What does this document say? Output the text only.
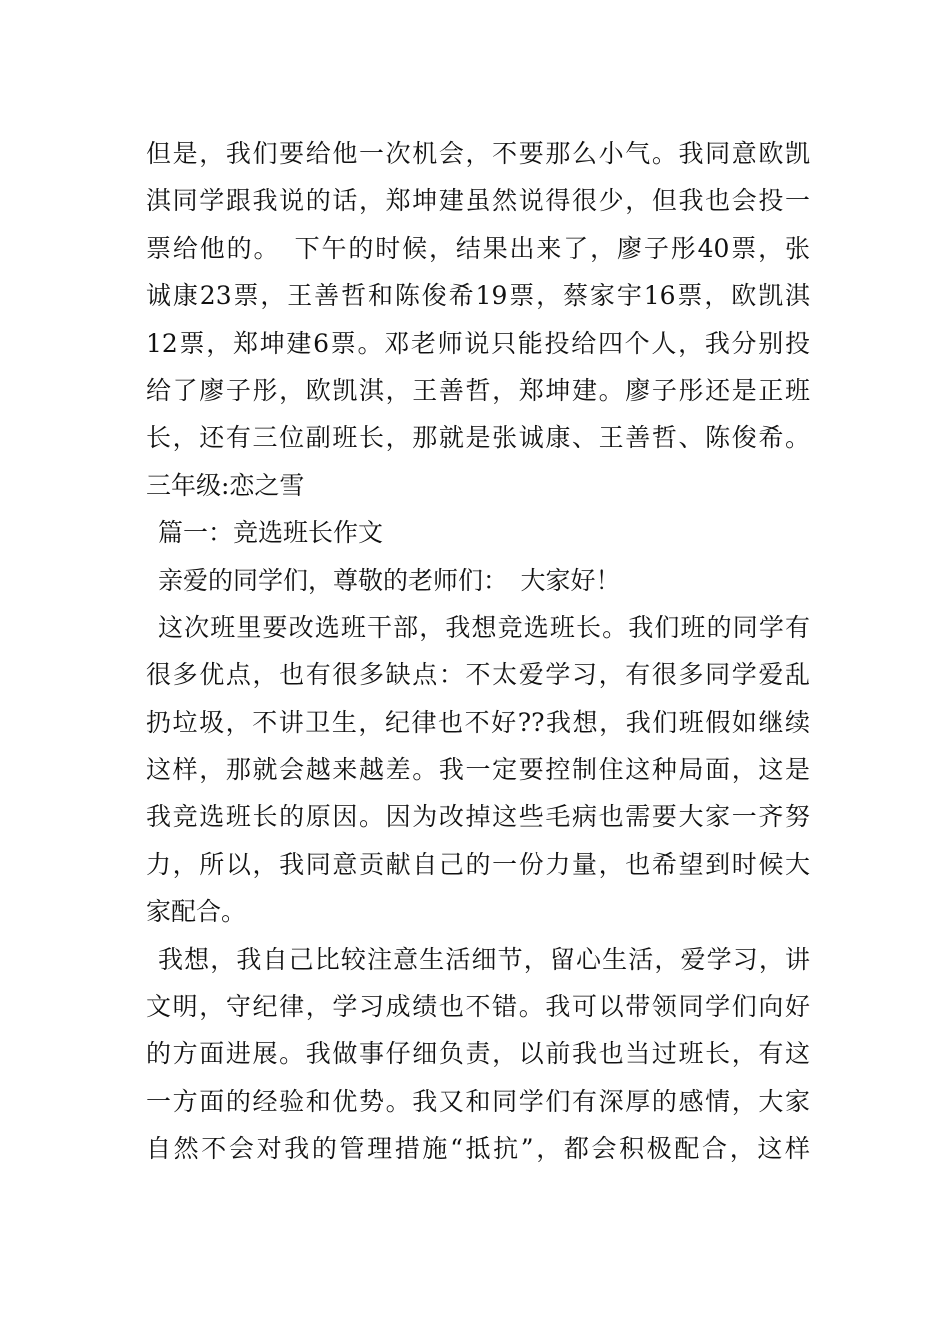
但是，我们要给他一次机会，不要那么小气。我同意欧凯
淇同学跟我说的话，郑坤建虽然说得很少，但我也会投一
票给他的。　下午的时候，结果出来了，廖子彤40票，张
诚康23票，王善哲和陈俊希19票，蔡家宇16票，欧凯淇
12票，郑坤建6票。邓老师说只能投给四个人，我分别投
给了廖子彤，欧凯淇，王善哲，郑坤建。廖子彤还是正班
长，还有三位副班长，那就是张诚康、王善哲、陈俊希。
三年级:恋之雪
篇一：竞选班长作文
亲爱的同学们，尊敬的老师们：　大家好！
这次班里要改选班干部，我想竞选班长。我们班的同学有
很多优点，也有很多缺点：不太爱学习，有很多同学爱乱
扔垃圾，不讲卫生，纪律也不好??我想，我们班假如继续
这样，那就会越来越差。我一定要控制住这种局面，这是
我竞选班长的原因。因为改掉这些毛病也需要大家一齐努
力，所以，我同意贡献自己的一份力量，也希望到时候大
家配合。
我想，我自己比较注意生活细节，留心生活，爱学习，讲
文明，守纪律，学习成绩也不错。我可以带领同学们向好
的方面进展。我做事仔细负责，以前我也当过班长，有这
一方面的经验和优势。我又和同学们有深厚的感情，大家
自然不会对我的管理措施“抵抗”，都会积极配合，这样
